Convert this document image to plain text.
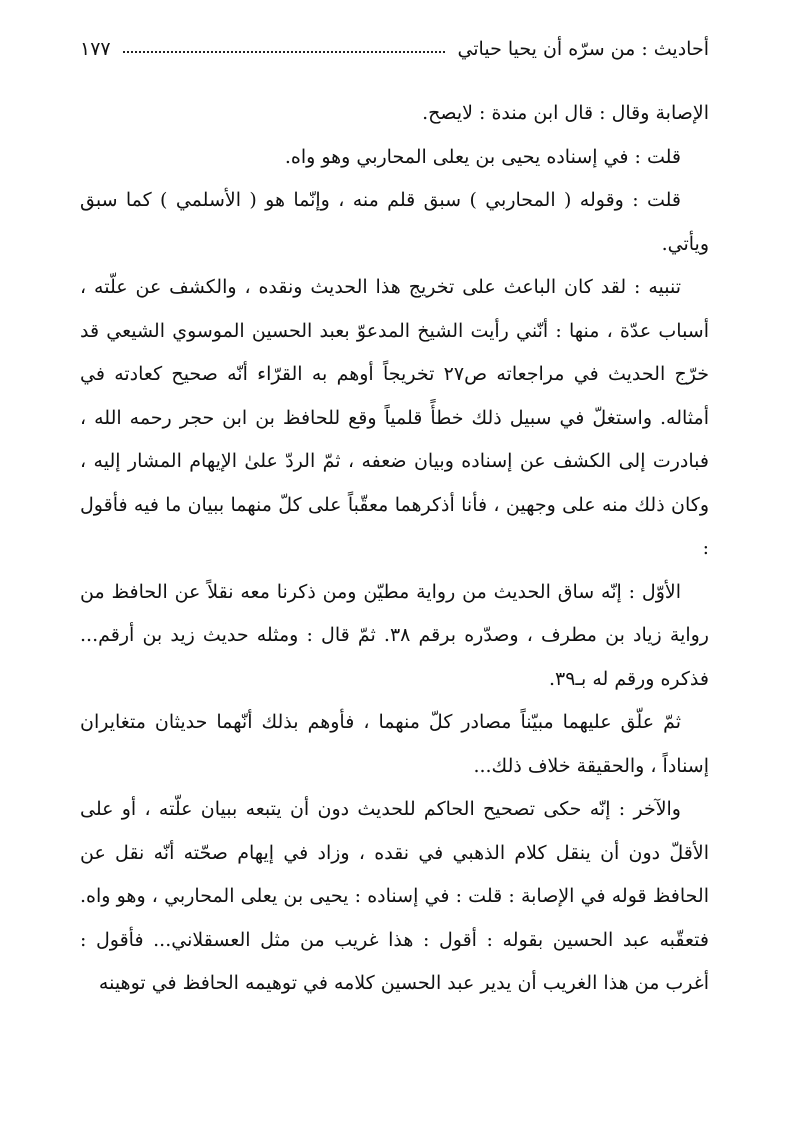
أحاديث : من سرّه أن يحيا حياتي
١٧٧

الإصابة وقال : قال ابن مندة : لايصح.

قلت : في إسناده يحيى بن يعلى المحاربي وهو واه.

قلت : وقوله ( المحاربي ) سبق قلم منه ، وإنّما هو ( الأسلمي ) كما سبق ويأتي.

تنبيه : لقد كان الباعث على تخريج هذا الحديث ونقده ، والكشف عن علّته ، أسباب عدّة ، منها : أنّني رأيت الشيخ المدعوّ بعبد الحسين الموسوي الشيعي قد خرّج الحديث في مراجعاته ص٢٧ تخريجاً أوهم به القرّاء أنّه صحيح كعادته في أمثاله. واستغلّ في سبيل ذلك خطأً قلمياً وقع للحافظ بن ابن حجر رحمه الله ، فبادرت إلى الكشف عن إسناده وبيان ضعفه ، ثمّ الردّ علىٰ الإيهام المشار إليه ، وكان ذلك منه على وجهين ، فأنا أذكرهما معقّباً على كلّ منهما ببيان ما فيه فأقول :

الأوّل : إنّه ساق الحديث من رواية مطيّن ومن ذكرنا معه نقلاً عن الحافظ من رواية زياد بن مطرف ، وصدّره برقم ٣٨. ثمّ قال : ومثله حديث زيد بن أرقم... فذكره ورقم له بـ٣٩.

ثمّ علّق عليهما مبيّناً مصادر كلّ منهما ، فأوهم بذلك أنّهما حديثان متغايران إسناداً ، والحقيقة خلاف ذلك...

والآخر : إنّه حكى تصحيح الحاكم للحديث دون أن يتبعه ببيان علّته ، أو على الأقلّ دون أن ينقل كلام الذهبي في نقده ، وزاد في إيهام صحّته أنّه نقل عن الحافظ قوله في الإصابة : قلت : في إسناده : يحيى بن يعلى المحاربي ، وهو واه. فتعقّبه عبد الحسين بقوله : أقول : هذا غريب من مثل العسقلاني... فأقول : أغرب من هذا الغريب أن يدير عبد الحسين كلامه في توهيمه الحافظ في توهينه
